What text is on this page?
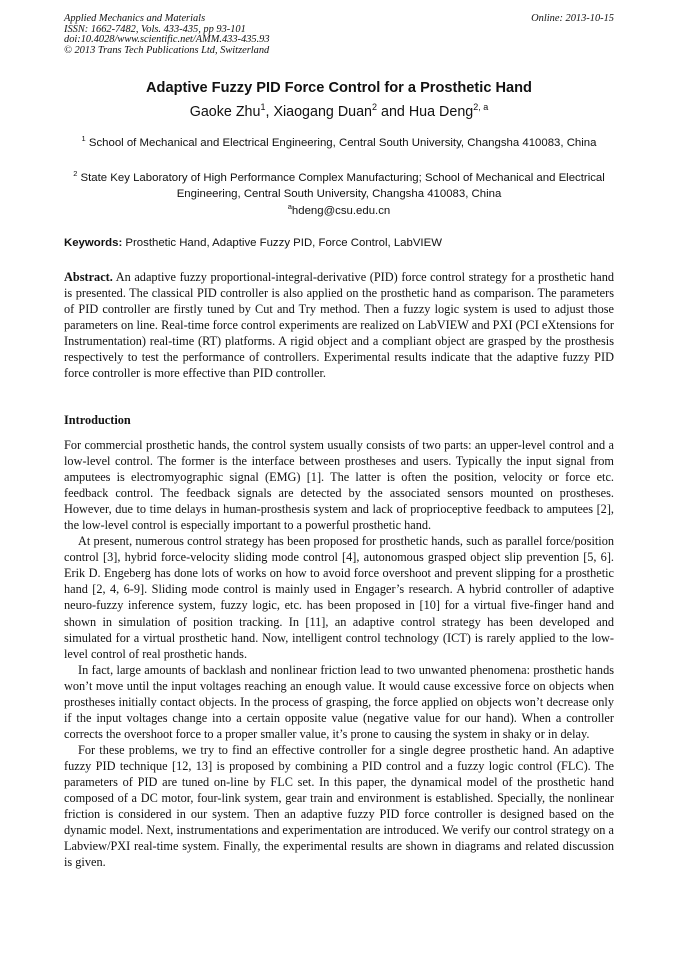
Applied Mechanics and Materials
ISSN: 1662-7482, Vols. 433-435, pp 93-101
doi:10.4028/www.scientific.net/AMM.433-435.93
© 2013 Trans Tech Publications Ltd, Switzerland
Online: 2013-10-15
Adaptive Fuzzy PID Force Control for a Prosthetic Hand
Gaoke Zhu$^1$, Xiaogang Duan$^2$ and Hua Deng$^{2, a}$
$^1$ School of Mechanical and Electrical Engineering, Central South University, Changsha 410083, China
$^2$ State Key Laboratory of High Performance Complex Manufacturing; School of Mechanical and Electrical Engineering, Central South University, Changsha 410083, China
$^a$hdeng@csu.edu.cn
Keywords: Prosthetic Hand, Adaptive Fuzzy PID, Force Control, LabVIEW
Abstract. An adaptive fuzzy proportional-integral-derivative (PID) force control strategy for a prosthetic hand is presented. The classical PID controller is also applied on the prosthetic hand as comparison. The parameters of PID controller are firstly tuned by Cut and Try method. Then a fuzzy logic system is used to adjust those parameters on line. Real-time force control experiments are realized on LabVIEW and PXI (PCI eXtensions for Instrumentation) real-time (RT) platforms. A rigid object and a compliant object are grasped by the prosthesis respectively to test the performance of controllers. Experimental results indicate that the adaptive fuzzy PID force controller is more effective than PID controller.
Introduction

For commercial prosthetic hands, the control system usually consists of two parts: an upper-level control and a low-level control. The former is the interface between prostheses and users. Typically the input signal from amputees is electromyographic signal (EMG) [1]. The latter is often the position, velocity or force etc. feedback control. The feedback signals are detected by the associated sensors mounted on prostheses. However, due to time delays in human-prosthesis system and lack of proprioceptive feedback to amputees [2], the low-level control is especially important to a powerful prosthetic hand.

At present, numerous control strategy has been proposed for prosthetic hands, such as parallel force/position control [3], hybrid force-velocity sliding mode control [4], autonomous grasped object slip prevention [5, 6]. Erik D. Engeberg has done lots of works on how to avoid force overshoot and prevent slipping for a prosthetic hand [2, 4, 6-9]. Sliding mode control is mainly used in Engager’s research. A hybrid controller of adaptive neuro-fuzzy inference system, fuzzy logic, etc. has been proposed in [10] for a virtual five-finger hand and shown in simulation of position tracking. In [11], an adaptive control strategy has been developed and simulated for a virtual prosthetic hand. Now, intelligent control technology (ICT) is rarely applied to the low-level control of real prosthetic hands.

In fact, large amounts of backlash and nonlinear friction lead to two unwanted phenomena: prosthetic hands won’t move until the input voltages reaching an enough value. It would cause excessive force on objects when prostheses initially contact objects. In the process of grasping, the force applied on objects won’t decrease only if the input voltages change into a certain opposite value (negative value for our hand). When a controller corrects the overshoot force to a proper smaller value, it’s prone to causing the system in shaky or in delay.

For these problems, we try to find an effective controller for a single degree prosthetic hand. An adaptive fuzzy PID technique [12, 13] is proposed by combining a PID control and a fuzzy logic control (FLC). The parameters of PID are tuned on-line by FLC set. In this paper, the dynamical model of the prosthetic hand composed of a DC motor, four-link system, gear train and environment is established. Specially, the nonlinear friction is considered in our system. Then an adaptive fuzzy PID force controller is designed based on the dynamic model. Next, instrumentations and experimentation are introduced. We verify our control strategy on a Labview/PXI real-time system. Finally, the experimental results are shown in diagrams and related discussion is given.
